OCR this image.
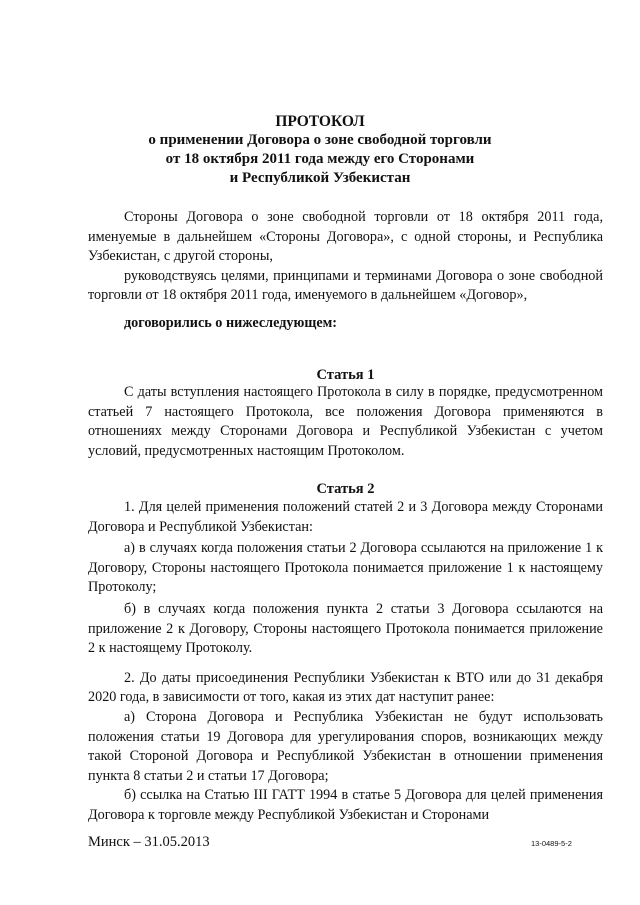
ПРОТОКОЛ
о применении Договора о зоне свободной торговли
от 18 октября 2011 года между его Сторонами
и Республикой Узбекистан

Стороны Договора о зоне свободной торговли от 18 октября 2011 года, именуемые в дальнейшем «Стороны Договора», с одной стороны, и Республика Узбекистан, с другой стороны,

руководствуясь целями, принципами и терминами Договора о зоне свободной торговли от 18 октября 2011 года, именуемого в дальнейшем «Договор»,

договорились о нижеследующем:

Статья 1

С даты вступления настоящего Протокола в силу в порядке, предусмотренном статьей 7 настоящего Протокола, все положения Договора применяются в отношениях между Сторонами Договора и Республикой Узбекистан с учетом условий, предусмотренных настоящим Протоколом.

Статья 2

1. Для целей применения положений статей 2 и 3 Договора между Сторонами Договора и Республикой Узбекистан:

а) в случаях когда положения статьи 2 Договора ссылаются на приложение 1 к Договору, Стороны настоящего Протокола понимается приложение 1 к настоящему Протоколу;

б) в случаях когда положения пункта 2 статьи 3 Договора ссылаются на приложение 2 к Договору, Стороны настоящего Протокола понимается приложение 2 к настоящему Протоколу.

2. До даты присоединения Республики Узбекистан к ВТО или до 31 декабря 2020 года, в зависимости от того, какая из этих дат наступит ранее:

а) Сторона Договора и Республика Узбекистан не будут использовать положения статьи 19 Договора для урегулирования споров, возникающих между такой Стороной Договора и Республикой Узбекистан в отношении применения пункта 8 статьи 2 и статьи 17 Договора;

б) ссылка на Статью III ГАТТ 1994 в статье 5 Договора для целей применения Договора к торговле между Республикой Узбекистан и Сторонами

Минск – 31.05.2013	13-0489-5-2
